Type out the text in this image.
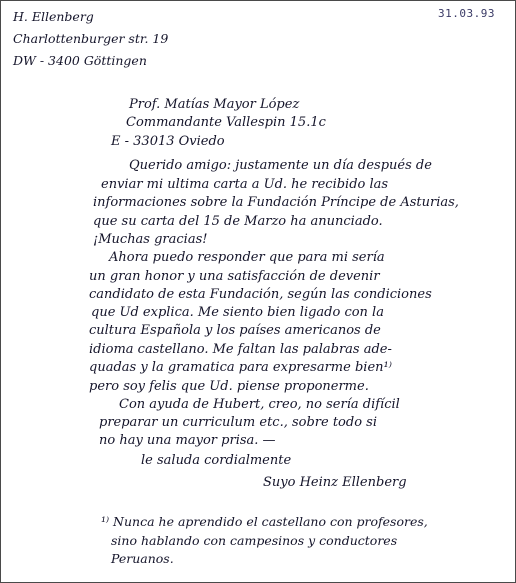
31.03.93
H. Ellenberg
Charlottenburger str. 19
DW - 3400 Göttingen
Prof. Matías Mayor López
Commandante Vallespin 15.1c
E - 33013 Oviedo
Querido amigo: justamente un día después de
enviar mi ultima carta a Ud. he recibido las
informaciones sobre la Fundación Príncipe de Asturias,
que su carta del 15 de Marzo ha anunciado.
¡Muchas gracias!
Ahora puedo responder que para mi sería
un gran honor y una satisfacción de devenir
candidato de esta Fundación, según las condiciones
que Ud explica. Me siento bien ligado con la
cultura Española y los países americanos de
idioma castellano. Me faltan las palabras ade-
quadas y la gramatica para expresarme bien¹⁾
pero soy felis que Ud. piense proponerme.
Con ayuda de Hubert, creo, no sería difícil
preparar un curriculum etc., sobre todo si
no hay una mayor prisa. —
le saluda cordialmente
Suyo Heinz Ellenberg
¹⁾ Nunca he aprendido el castellano con profesores,
sino hablando con campesinos y conductores
Peruanos.
